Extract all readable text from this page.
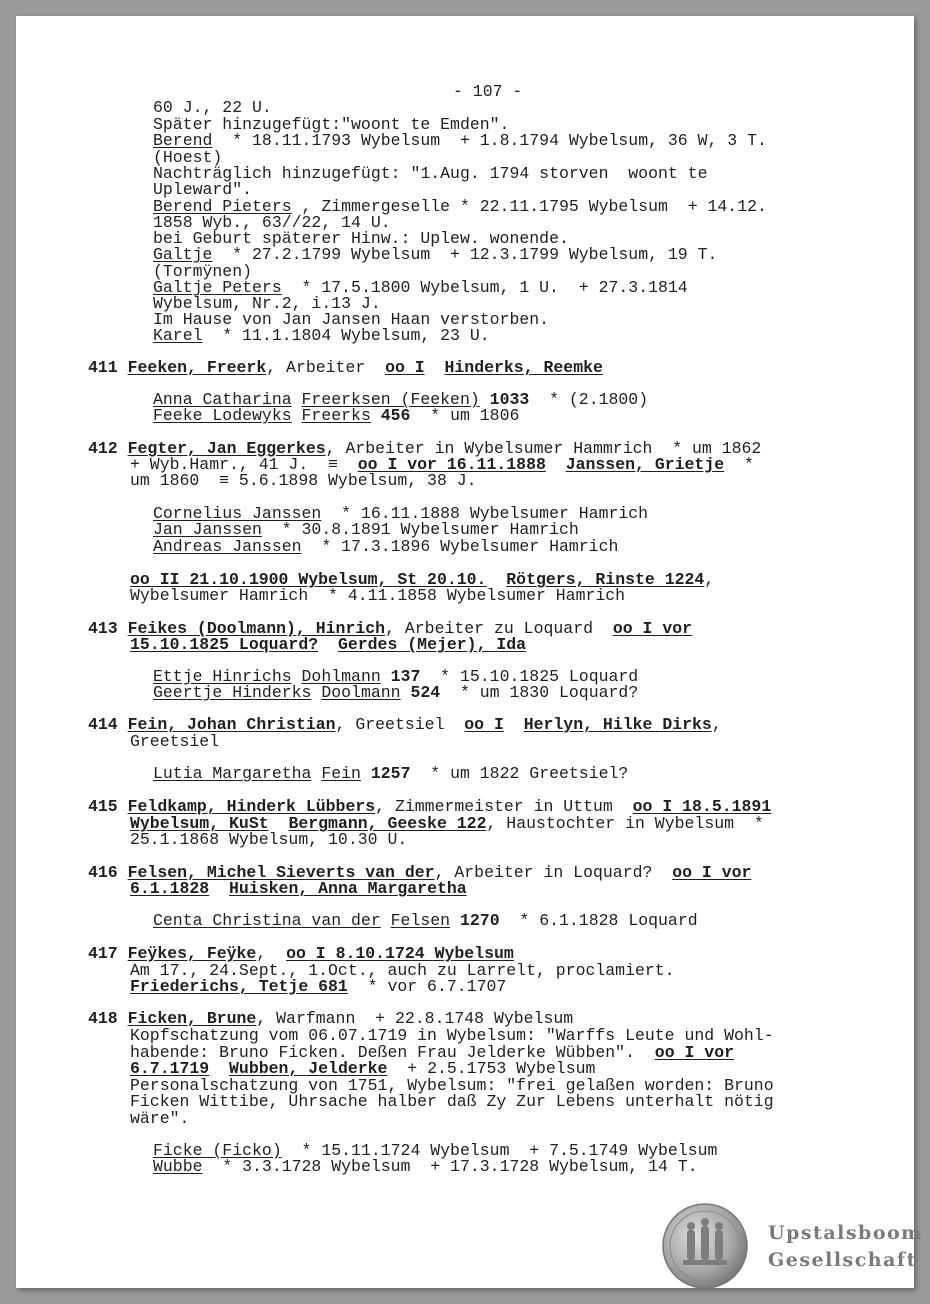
- 107 -
60 J., 22 U.
Später hinzugefügt:"woont te Emden".
Berend  * 18.11.1793 Wybelsum  + 1.8.1794 Wybelsum, 36 W, 3 T.
(Hoest)
Nachträglich hinzugefügt: "1.Aug. 1794 storven  woont te
Upleward".
Berend Pieters , Zimmergeselle * 22.11.1795 Wybelsum  + 14.12.
1858 Wyb., 63//22, 14 U.
bei Geburt späterer Hinw.: Uplew. wonende.
Galtje  * 27.2.1799 Wybelsum  + 12.3.1799 Wybelsum, 19 T.
(Tormÿnen)
Galtje Peters  * 17.5.1800 Wybelsum, 1 U.  + 27.3.1814
Wybelsum, Nr.2, i.13 J.
Im Hause von Jan Jansen Haan verstorben.
Karel  * 11.1.1804 Wybelsum, 23 U.
411 Feeken, Freerk, Arbeiter  oo I Hinderks, Reemke
Anna Catharina Freerksen (Feeken) 1033  * (2.1800)
Feeke Lodewyks Freerks 456  * um 1806
412 Fegter, Jan Eggerkes, Arbeiter in Wybelsumer Hammrich  * um 1862
+ Wyb.Hamr., 41 J.  ≡  oo I vor 16.11.1888 Janssen, Grietje  *
um 1860  ≡ 5.6.1898 Wybelsum, 38 J.
Cornelius Janssen  * 16.11.1888 Wybelsumer Hamrich
Jan Janssen  * 30.8.1891 Wybelsumer Hamrich
Andreas Janssen  * 17.3.1896 Wybelsumer Hamrich
oo II 21.10.1900 Wybelsum, St 20.10. Rötgers, Rinste 1224,
Wybelsumer Hamrich  * 4.11.1858 Wybelsumer Hamrich
413 Feikes (Doolmann), Hinrich, Arbeiter zu Loquard  oo I vor
15.10.1825 Loquard? Gerdes (Mejer), Ida
Ettje Hinrichs Dohlmann 137  * 15.10.1825 Loquard
Geertje Hinderks Doolmann 524  * um 1830 Loquard?
414 Fein, Johan Christian, Greetsiel  oo I Herlyn, Hilke Dirks,
Greetsiel
Lutia Margaretha Fein 1257  * um 1822 Greetsiel?
415 Feldkamp, Hinderk Lübbers, Zimmermeister in Uttum  oo I 18.5.1891
Wybelsum, KuSt Bergmann, Geeske 122, Haustochter in Wybelsum  *
25.1.1868 Wybelsum, 10.30 U.
416 Felsen, Michel Sieverts van der, Arbeiter in Loquard?  oo I vor
6.1.1828 Huisken, Anna Margaretha
Centa Christina van der Felsen 1270  * 6.1.1828 Loquard
417 Feÿkes, Feÿke,  oo I 8.10.1724 Wybelsum
Am 17., 24.Sept., 1.Oct., auch zu Larrelt, proclamiert.
Friederichs, Tetje 681  * vor 6.7.1707
418 Ficken, Brune, Warfmann  + 22.8.1748 Wybelsum
Kopfschatzung vom 06.07.1719 in Wybelsum: "Warffs Leute und Wohl-
habende: Bruno Ficken. Deßen Frau Jelderke Wübben".  oo I vor
6.7.1719 Wubben, Jelderke  + 2.5.1753 Wybelsum
Personalschatzung von 1751, Wybelsum: "frei gelaßen worden: Bruno
Ficken Wittibe, Uhrsache halber daß Zy Zur Lebens unterhalt nötig
wäre".
Ficke (Ficko)  * 15.11.1724 Wybelsum  + 7.5.1749 Wybelsum
Wubbe  * 3.3.1728 Wybelsum  + 17.3.1728 Wybelsum, 14 T.
Upstalsboom
Gesellschaft
